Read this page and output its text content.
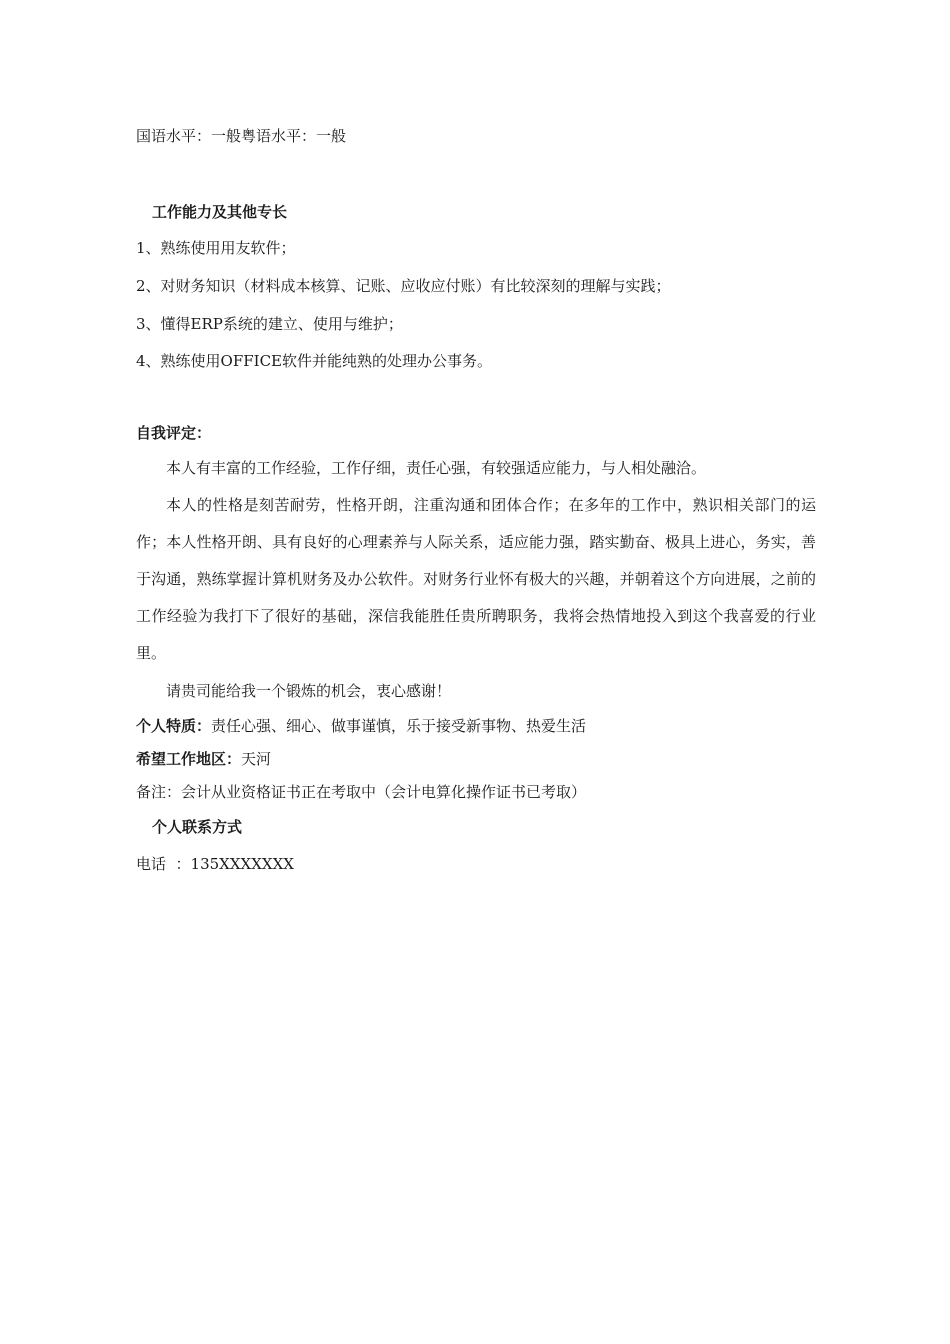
国语水平：一般粤语水平：一般
工作能力及其他专长
1、熟练使用用友软件；
2、对财务知识（材料成本核算、记账、应收应付账）有比较深刻的理解与实践；
3、懂得ERP系统的建立、使用与维护；
4、熟练使用OFFICE软件并能纯熟的处理办公事务。
自我评定：
本人有丰富的工作经验，工作仔细，责任心强，有较强适应能力，与人相处融洽。
本人的性格是刻苦耐劳，性格开朗，注重沟通和团体合作；在多年的工作中，熟识相关部门的运作；本人性格开朗、具有良好的心理素养与人际关系，适应能力强，踏实勤奋、极具上进心，务实，善于沟通，熟练掌握计算机财务及办公软件。对财务行业怀有极大的兴趣，并朝着这个方向进展，之前的工作经验为我打下了很好的基础，深信我能胜任贵所聘职务，我将会热情地投入到这个我喜爱的行业里。
请贵司能给我一个锻炼的机会，衷心感谢！
个人特质：责任心强、细心、做事谨慎，乐于接受新事物、热爱生活
希望工作地区：天河
备注：会计从业资格证书正在考取中（会计电算化操作证书已考取）
个人联系方式
电话  ：135XXXXXXX
